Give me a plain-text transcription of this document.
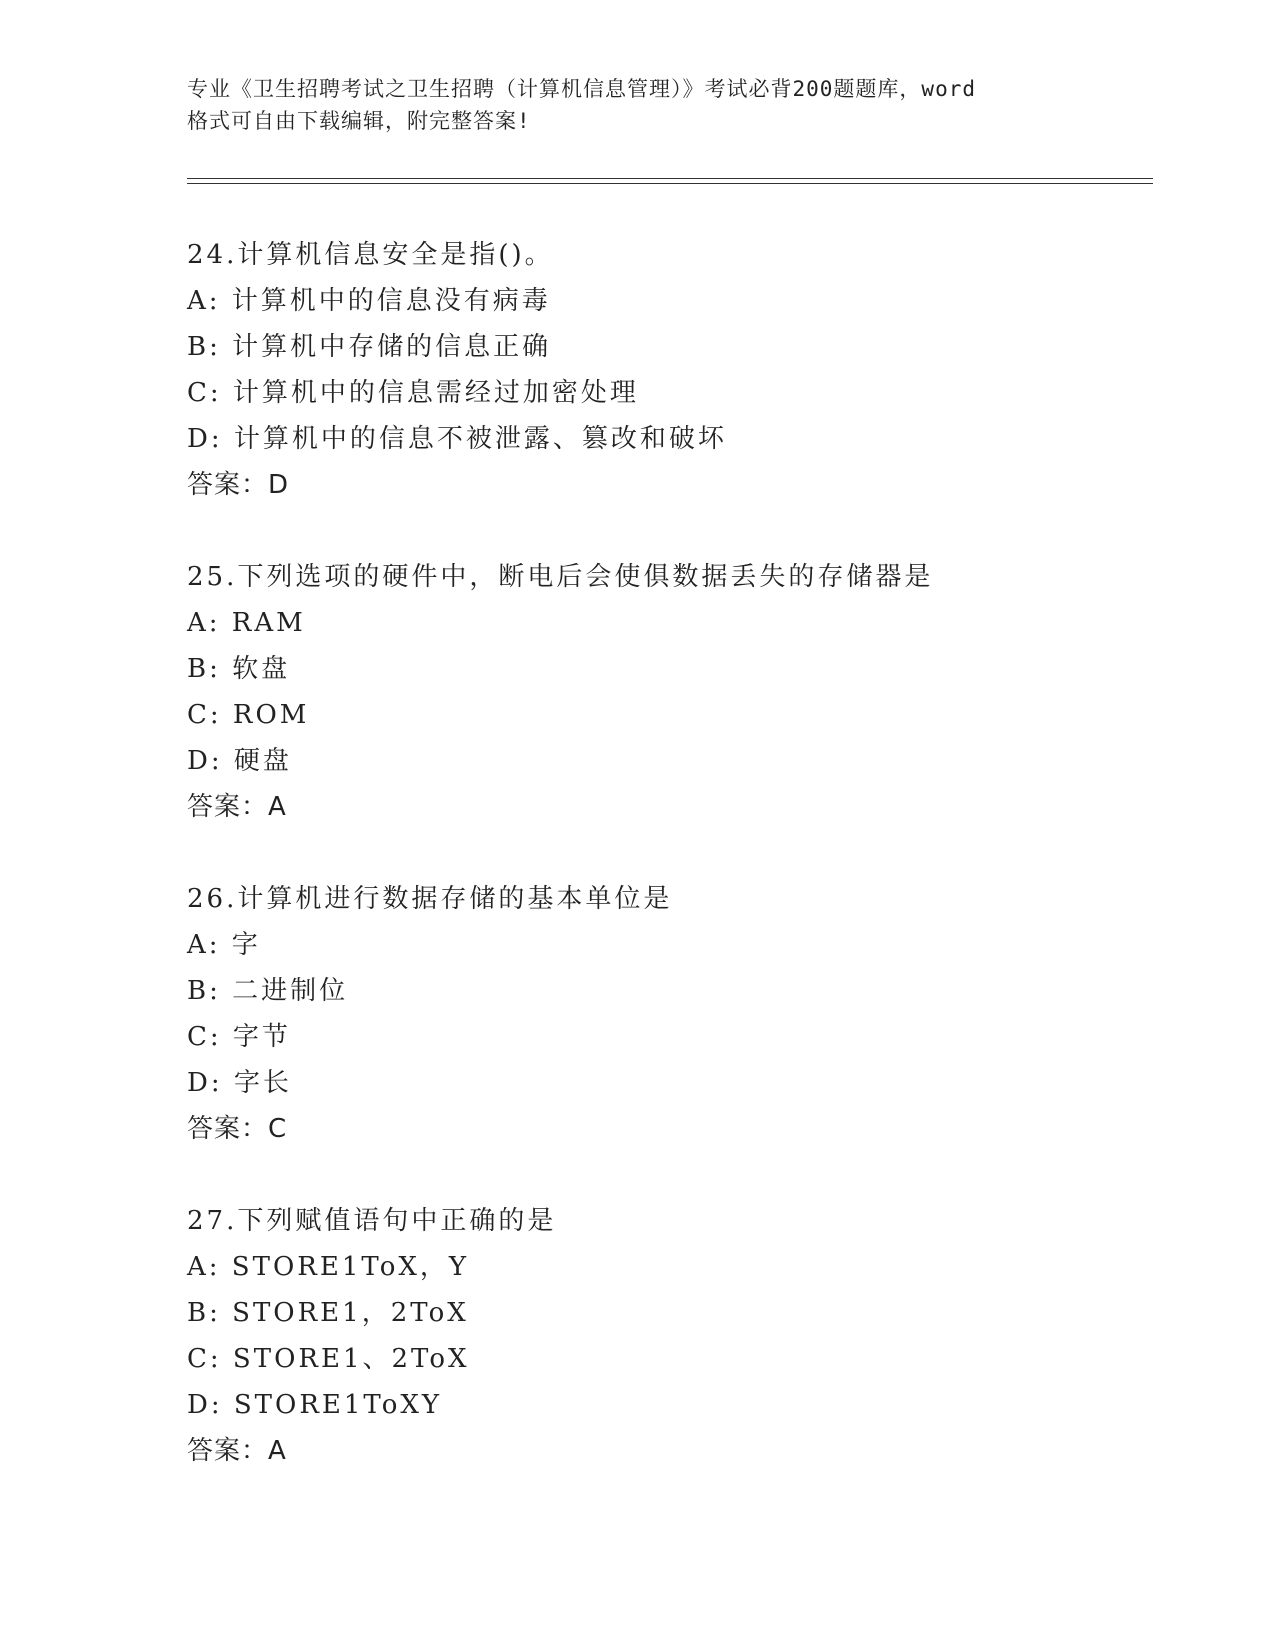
专业《卫生招聘考试之卫生招聘（计算机信息管理）》考试必背200题题库，word
格式可自由下载编辑，附完整答案!
24.计算机信息安全是指()。
A: 计算机中的信息没有病毒
B: 计算机中存储的信息正确
C: 计算机中的信息需经过加密处理
D: 计算机中的信息不被泄露、篡改和破坏
答案：D
25.下列选项的硬件中，断电后会使俱数据丢失的存储器是
A: RAM
B: 软盘
C: ROM
D: 硬盘
答案：A
26.计算机进行数据存储的基本单位是
A: 字
B: 二进制位
C: 字节
D: 字长
答案：C
27.下列赋值语句中正确的是
A: STORE1ToX，Y
B: STORE1，2ToX
C: STORE1、2ToX
D: STORE1ToXY
答案：A
